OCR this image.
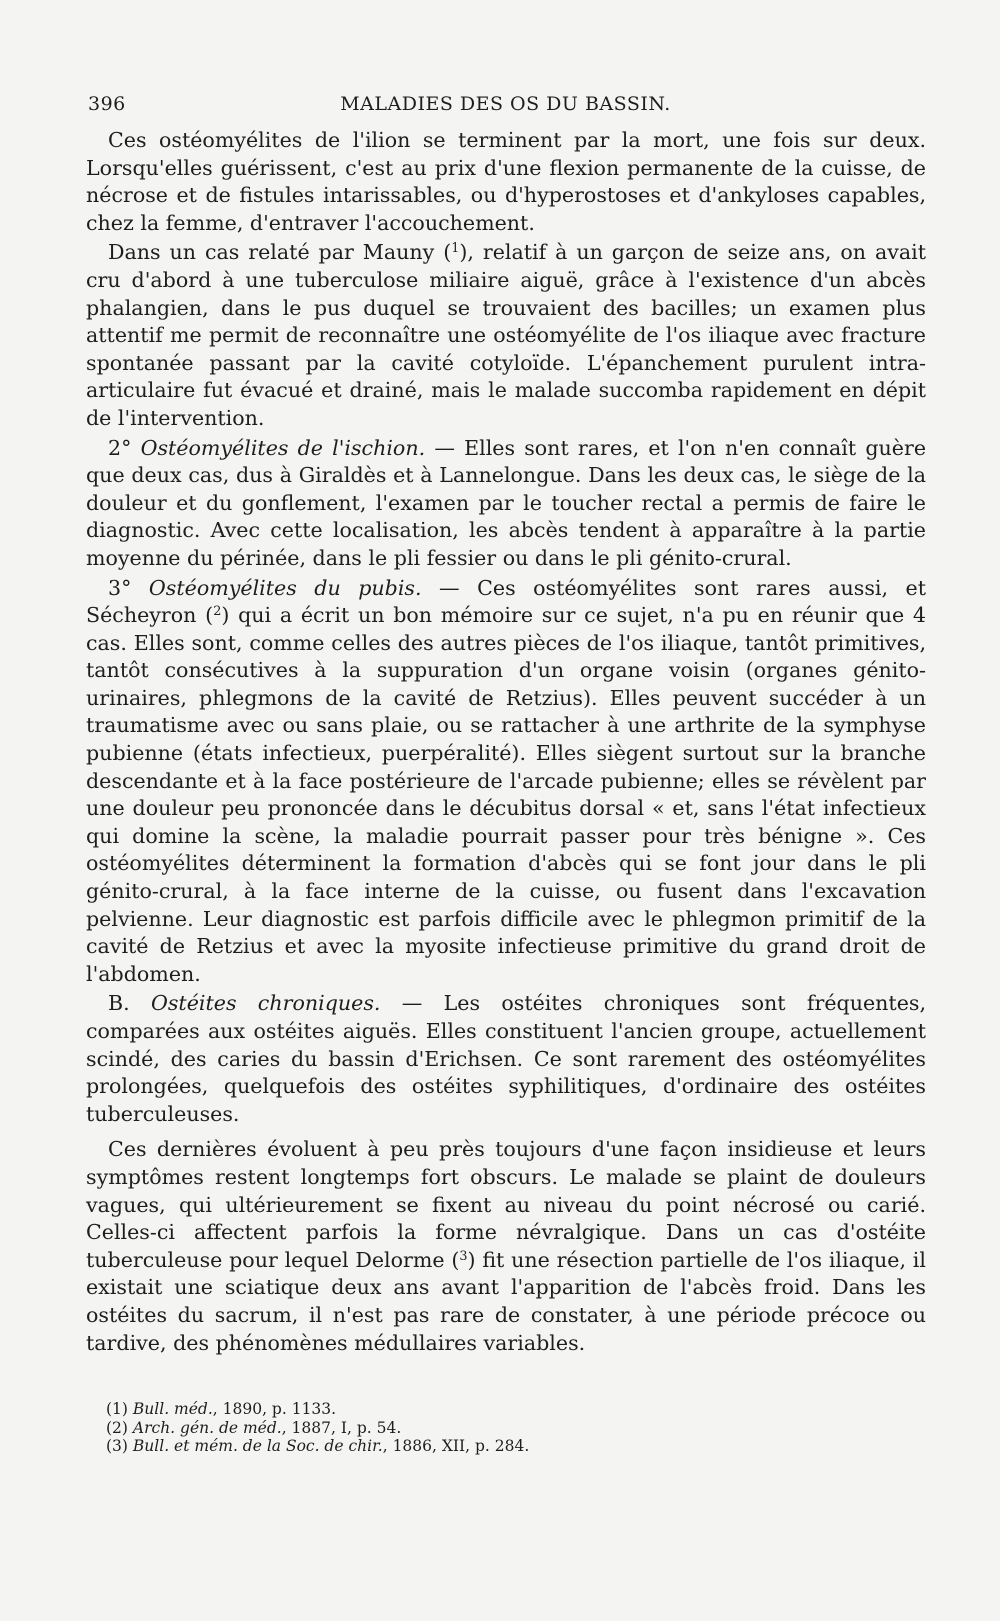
396	MALADIES DES OS DU BASSIN.

Ces ostéomyélites de l'ilion se terminent par la mort, une fois sur deux. Lorsqu'elles guérissent, c'est au prix d'une flexion permanente de la cuisse, de nécrose et de fistules intarissables, ou d'hyperostoses et d'ankyloses capables, chez la femme, d'entraver l'accouchement.

Dans un cas relaté par Mauny ($^1$), relatif à un garçon de seize ans, on avait cru d'abord à une tuberculose miliaire aiguë, grâce à l'existence d'un abcès phalangien, dans le pus duquel se trouvaient des bacilles; un examen plus attentif me permit de reconnaître une ostéomyélite de l'os iliaque avec fracture spontanée passant par la cavité cotyloïde. L'épanchement purulent intra-articulaire fut évacué et drainé, mais le malade succomba rapidement en dépit de l'intervention.

2° Ostéomyélites de l'ischion. — Elles sont rares, et l'on n'en connaît guère que deux cas, dus à Giraldès et à Lannelongue. Dans les deux cas, le siège de la douleur et du gonflement, l'examen par le toucher rectal a permis de faire le diagnostic. Avec cette localisation, les abcès tendent à apparaître à la partie moyenne du périnée, dans le pli fessier ou dans le pli génito-crural.

3° Ostéomyélites du pubis. — Ces ostéomyélites sont rares aussi, et Sécheyron ($^2$) qui a écrit un bon mémoire sur ce sujet, n'a pu en réunir que 4 cas. Elles sont, comme celles des autres pièces de l'os iliaque, tantôt primitives, tantôt consécutives à la suppuration d'un organe voisin (organes génito-urinaires, phlegmons de la cavité de Retzius). Elles peuvent succéder à un traumatisme avec ou sans plaie, ou se rattacher à une arthrite de la symphyse pubienne (états infectieux, puerpéralité). Elles siègent surtout sur la branche descendante et à la face postérieure de l'arcade pubienne; elles se révèlent par une douleur peu prononcée dans le décubitus dorsal « et, sans l'état infectieux qui domine la scène, la maladie pourrait passer pour très bénigne ». Ces ostéomyélites déterminent la formation d'abcès qui se font jour dans le pli génito-crural, à la face interne de la cuisse, ou fusent dans l'excavation pelvienne. Leur diagnostic est parfois difficile avec le phlegmon primitif de la cavité de Retzius et avec la myosite infectieuse primitive du grand droit de l'abdomen.

B. Ostéites chroniques. — Les ostéites chroniques sont fréquentes, comparées aux ostéites aiguës. Elles constituent l'ancien groupe, actuellement scindé, des caries du bassin d'Erichsen. Ce sont rarement des ostéomyélites prolongées, quelquefois des ostéites syphilitiques, d'ordinaire des ostéites tuberculeuses.

Ces dernières évoluent à peu près toujours d'une façon insidieuse et leurs symptômes restent longtemps fort obscurs. Le malade se plaint de douleurs vagues, qui ultérieurement se fixent au niveau du point nécrosé ou carié. Celles-ci affectent parfois la forme névralgique. Dans un cas d'ostéite tuberculeuse pour lequel Delorme ($^3$) fit une résection partielle de l'os iliaque, il existait une sciatique deux ans avant l'apparition de l'abcès froid. Dans les ostéites du sacrum, il n'est pas rare de constater, à une période précoce ou tardive, des phénomènes médullaires variables.

(1) Bull. méd., 1890, p. 1133.

(2) Arch. gén. de méd., 1887, I, p. 54.

(3) Bull. et mém. de la Soc. de chir., 1886, XII, p. 284.
